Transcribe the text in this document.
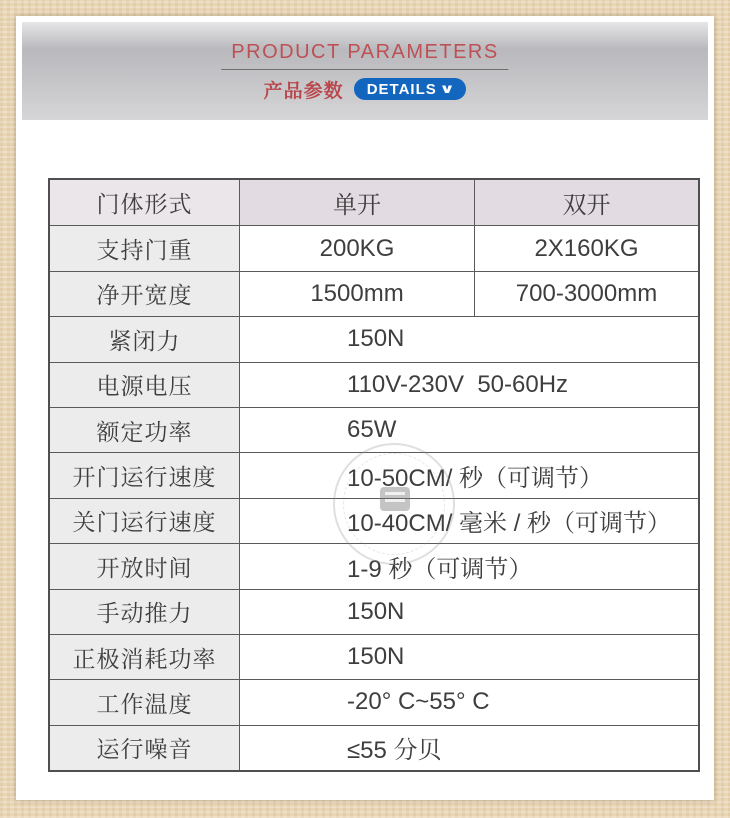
PRODUCT PARAMETERS
产品参数 DETAILS ∨
门体形式	单开	双开
支持门重	200KG	2X160KG
净开宽度	1500mm	700-3000mm
紧闭力	150N
电源电压	110V-230V  50-60Hz
额定功率	65W
开门运行速度	10-50CM/ 秒（可调节）
关门运行速度	10-40CM/ 毫米 / 秒（可调节）
开放时间	1-9 秒（可调节）
手动推力	150N
正极消耗功率	150N
工作温度	-20° C~55° C
运行噪音	≤55 分贝
